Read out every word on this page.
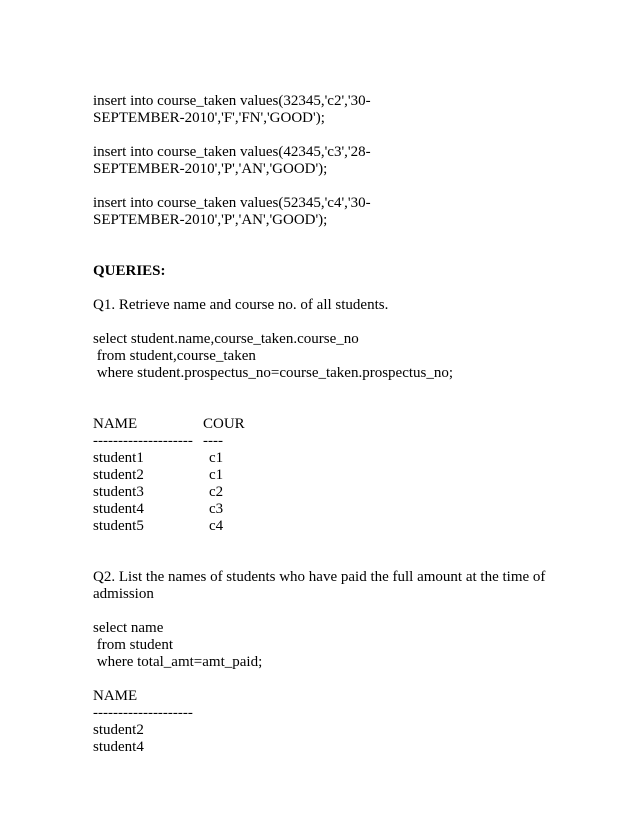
insert into course_taken values(32345,'c2','30-
SEPTEMBER-2010','F','FN','GOOD');
insert into course_taken values(42345,'c3','28-
SEPTEMBER-2010','P','AN','GOOD');
insert into course_taken values(52345,'c4','30-
SEPTEMBER-2010','P','AN','GOOD');
QUERIES:
Q1. Retrieve name and course no. of all students.
select student.name,course_taken.course_no
from student,course_taken
where student.prospectus_no=course_taken.prospectus_no;
NAME	COUR
-------------------- ----
student1	c1
student2	c1
student3	c2
student4	c3
student5	c4
Q2. List the names of students who have paid the full amount at the time of admission
select name
from student
where total_amt=amt_paid;
NAME
--------------------
student2
student4
